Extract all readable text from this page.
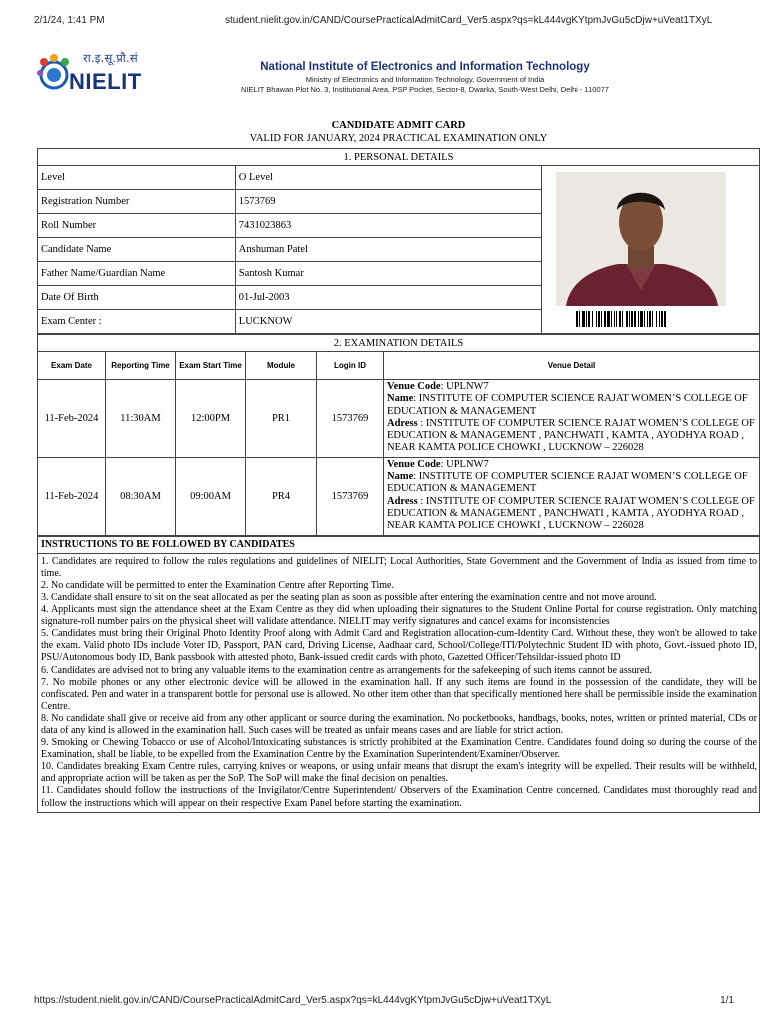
2/1/24, 1:41 PM	student.nielit.gov.in/CAND/CoursePracticalAdmitCard_Ver5.aspx?qs=kL444vgKYtpmJvGu5cDjw+uVeat1TXyL
रा.इ.सू.प्रौ.सं
NIELIT
National Institute of Electronics and Information Technology
Ministry of Electronics and Information Technology, Government of India
NIELIT Bhawan Plot No. 3, Institutional Area, PSP Pocket, Sector-8, Dwarka, South-West Delhi, Delhi - 110077
CANDIDATE ADMIT CARD
VALID FOR JANUARY, 2024 PRACTICAL EXAMINATION ONLY
1. PERSONAL DETAILS		
Level	O Level	

Registration Number	1573769	
Roll Number	7431023863	
Candidate Name	Anshuman Patel	
Father Name/Guardian Name	Santosh Kumar	
Date Of Birth	01-Jul-2003	
Exam Center :	LUCKNOW	
2. EXAMINATION DETAILS					
Exam Date	Reporting Time	Exam Start Time	Module	Login ID	Venue Detail
11-Feb-2024	11:30AM	12:00PM	PR1	1573769	Venue Code: UPLNW7
Name: INSTITUTE OF COMPUTER SCIENCE RAJAT WOMEN’S COLLEGE OF EDUCATION & MANAGEMENT
Adress : INSTITUTE OF COMPUTER SCIENCE RAJAT WOMEN’S COLLEGE OF EDUCATION & MANAGEMENT , PANCHWATI , KAMTA , AYODHYA ROAD , NEAR KAMTA POLICE CHOWKI , LUCKNOW – 226028
11-Feb-2024	08:30AM	09:00AM	PR4	1573769	Venue Code: UPLNW7
Name: INSTITUTE OF COMPUTER SCIENCE RAJAT WOMEN’S COLLEGE OF EDUCATION & MANAGEMENT
Adress : INSTITUTE OF COMPUTER SCIENCE RAJAT WOMEN’S COLLEGE OF EDUCATION & MANAGEMENT , PANCHWATI , KAMTA , AYODHYA ROAD , NEAR KAMTA POLICE CHOWKI , LUCKNOW – 226028
INSTRUCTIONS TO BE FOLLOWED BY CANDIDATES

1. Candidates are required to follow the rules regulations and guidelines of NIELIT; Local Authorities, State Government and the Government of India as issued from time to time.
2. No candidate will be permitted to enter the Examination Centre after Reporting Time.
3. Candidate shall ensure to sit on the seat allocated as per the seating plan as soon as possible after entering the examination centre and not move around.
4. Applicants must sign the attendance sheet at the Exam Centre as they did when uploading their signatures to the Student Online Portal for course registration. Only matching signature-roll number pairs on the physical sheet will validate attendance. NIELIT may verify signatures and cancel exams for inconsistencies
5. Candidates must bring their Original Photo Identity Proof along with Admit Card and Registration allocation-cum-Identity Card. Without these, they won't be allowed to take the exam. Valid photo IDs include Voter ID, Passport, PAN card, Driving License, Aadhaar card, School/College/ITI/Polytechnic Student ID with photo, Govt.-issued photo ID, PSU/Autonomous body ID, Bank passbook with attested photo, Bank-issued credit cards with photo, Gazetted Officer/Tehsildar-issued photo ID
6. Candidates are advised not to bring any valuable items to the examination centre as arrangements for the safekeeping of such items cannot be assured.
7. No mobile phones or any other electronic device will be allowed in the examination hall. If any such items are found in the possession of the candidate, they will be confiscated. Pen and water in a transparent bottle for personal use is allowed. No other item other than that specifically mentioned here shall be permissible inside the examination Centre.
8. No candidate shall give or receive aid from any other applicant or source during the examination. No pocketbooks, handbags, books, notes, written or printed material, CDs or data of any kind is allowed in the examination hall. Such cases will be treated as unfair means cases and are liable for strict action.
9. Smoking or Chewing Tobacco or use of Alcohol/Intoxicating substances is strictly prohibited at the Examination Centre. Candidates found doing so during the course of the Examination, shall be liable, to be expelled from the Examination Centre by the Examination Superintendent/Examiner/Observer.
10. Candidates breaking Exam Centre rules, carrying knives or weapons, or using unfair means that disrupt the exam's integrity will be expelled. Their results will be withheld, and appropriate action will be taken as per the SoP. The SoP will make the final decision on penalties.
11. Candidates should follow the instructions of the Invigilator/Centre Superintendent/ Observers of the Examination Centre concerned. Candidates must thoroughly read and follow the instructions which will appear on their respective Exam Panel before starting the examination.
https://student.nielit.gov.in/CAND/CoursePracticalAdmitCard_Ver5.aspx?qs=kL444vgKYtpmJvGu5cDjw+uVeat1TXyL	1/1
